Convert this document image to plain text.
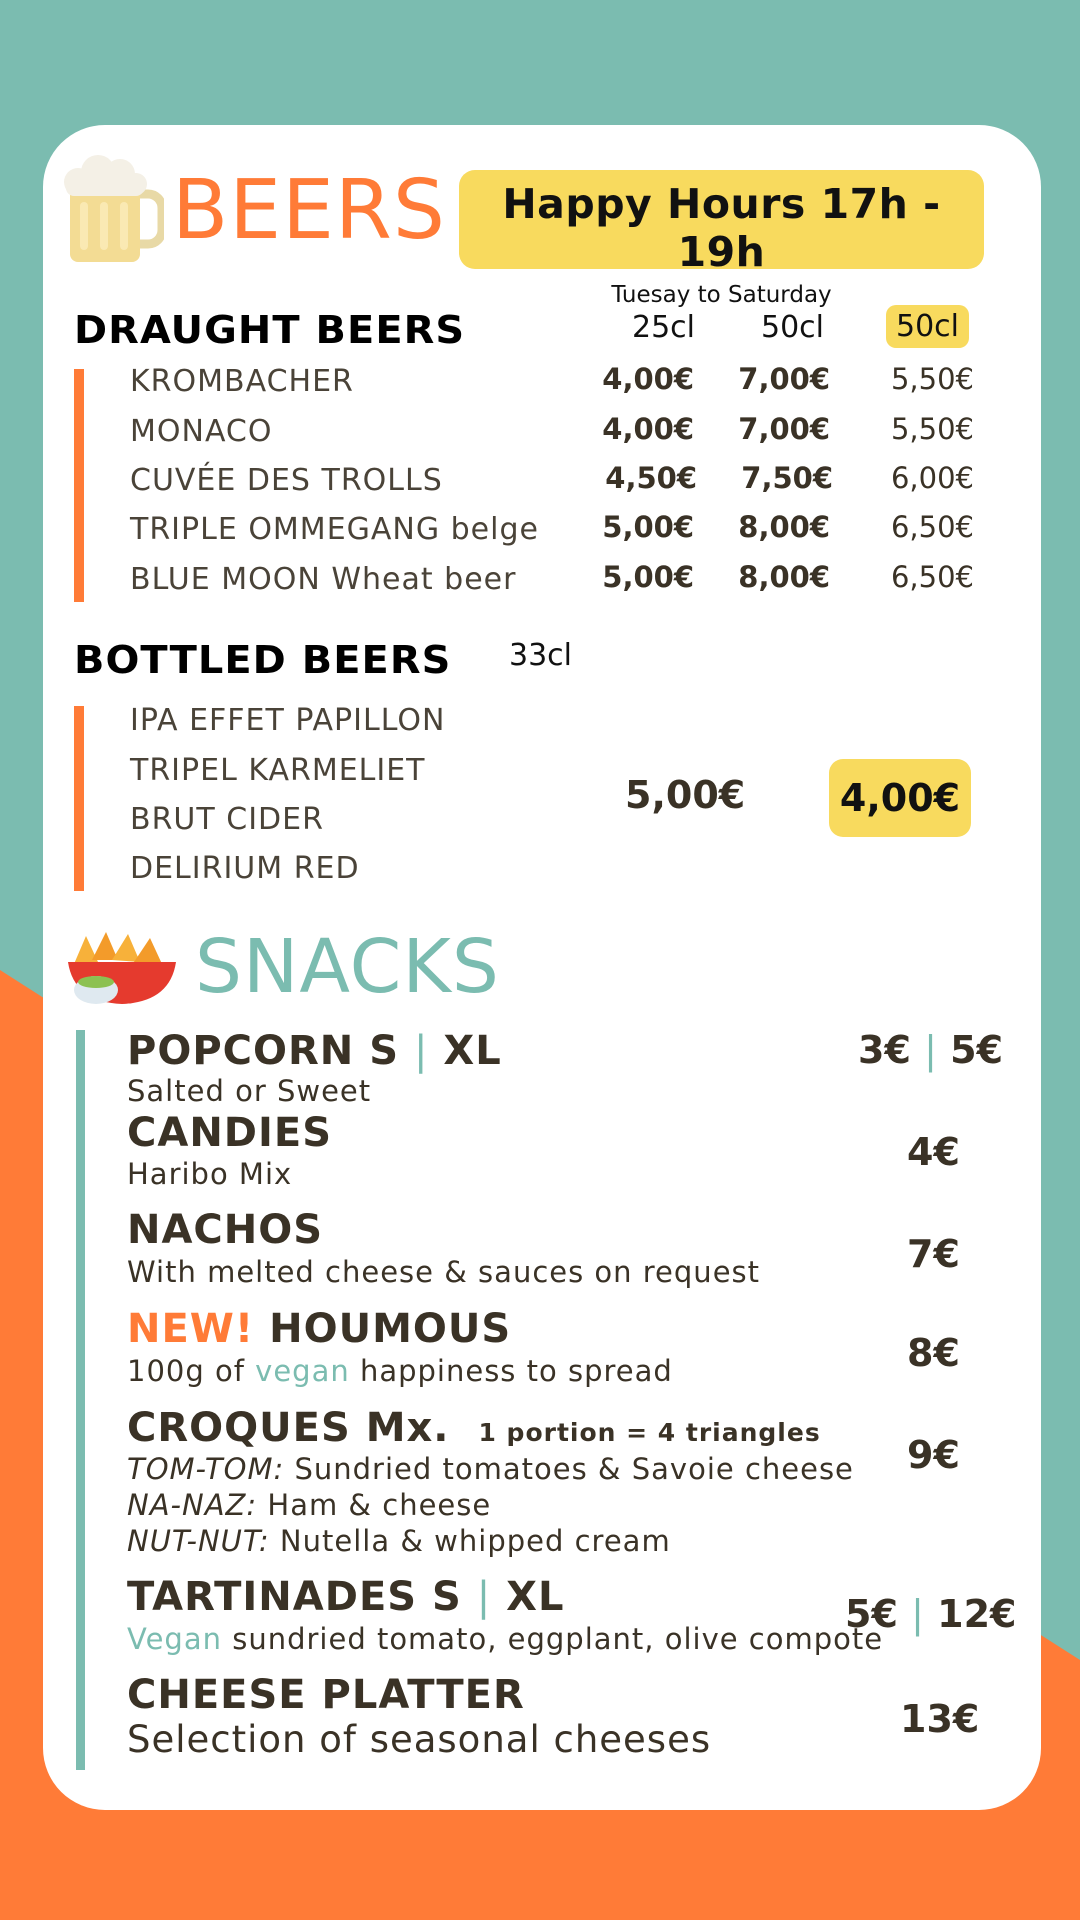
BEERS	Happy Hours 17h - 19h
Tuesay to Saturday
DRAUGHT BEERS	25cl 50cl	50cl
KROMBACHER	4,00€	7,00€	5,50€
MONACO	4,00€	7,00€	5,50€
CUVÉE DES TROLLS	4,50€	7,50€	6,00€
TRIPLE OMMEGANG belge	5,00€	8,00€	6,50€
BLUE MOON Wheat beer	5,00€	8,00€	6,50€
BOTTLED BEERS 33cl
IPA EFFET PAPILLON
TRIPEL KARMELIET
BRUT CIDER
DELIRIUM RED
5,00€ 4,00€
SNACKS
POPCORN S | XL
Salted or Sweet
3€ | 5€
CANDIES
Haribo Mix	4€
NACHOS
With melted cheese & sauces on request	7€
NEW! HOUMOUS
100g of vegan happiness to spread	8€
CROQUES Mx. 1 portion = 4 triangles
TOM-TOM: Sundried tomatoes & Savoie cheese
NA-NAZ: Ham & cheese
NUT-NUT: Nutella & whipped cream
9€
TARTINADES S | XL
Vegan sundried tomato, eggplant, olive compote
5€ | 12€
CHEESE PLATTER
Selection of seasonal cheeses	13€
